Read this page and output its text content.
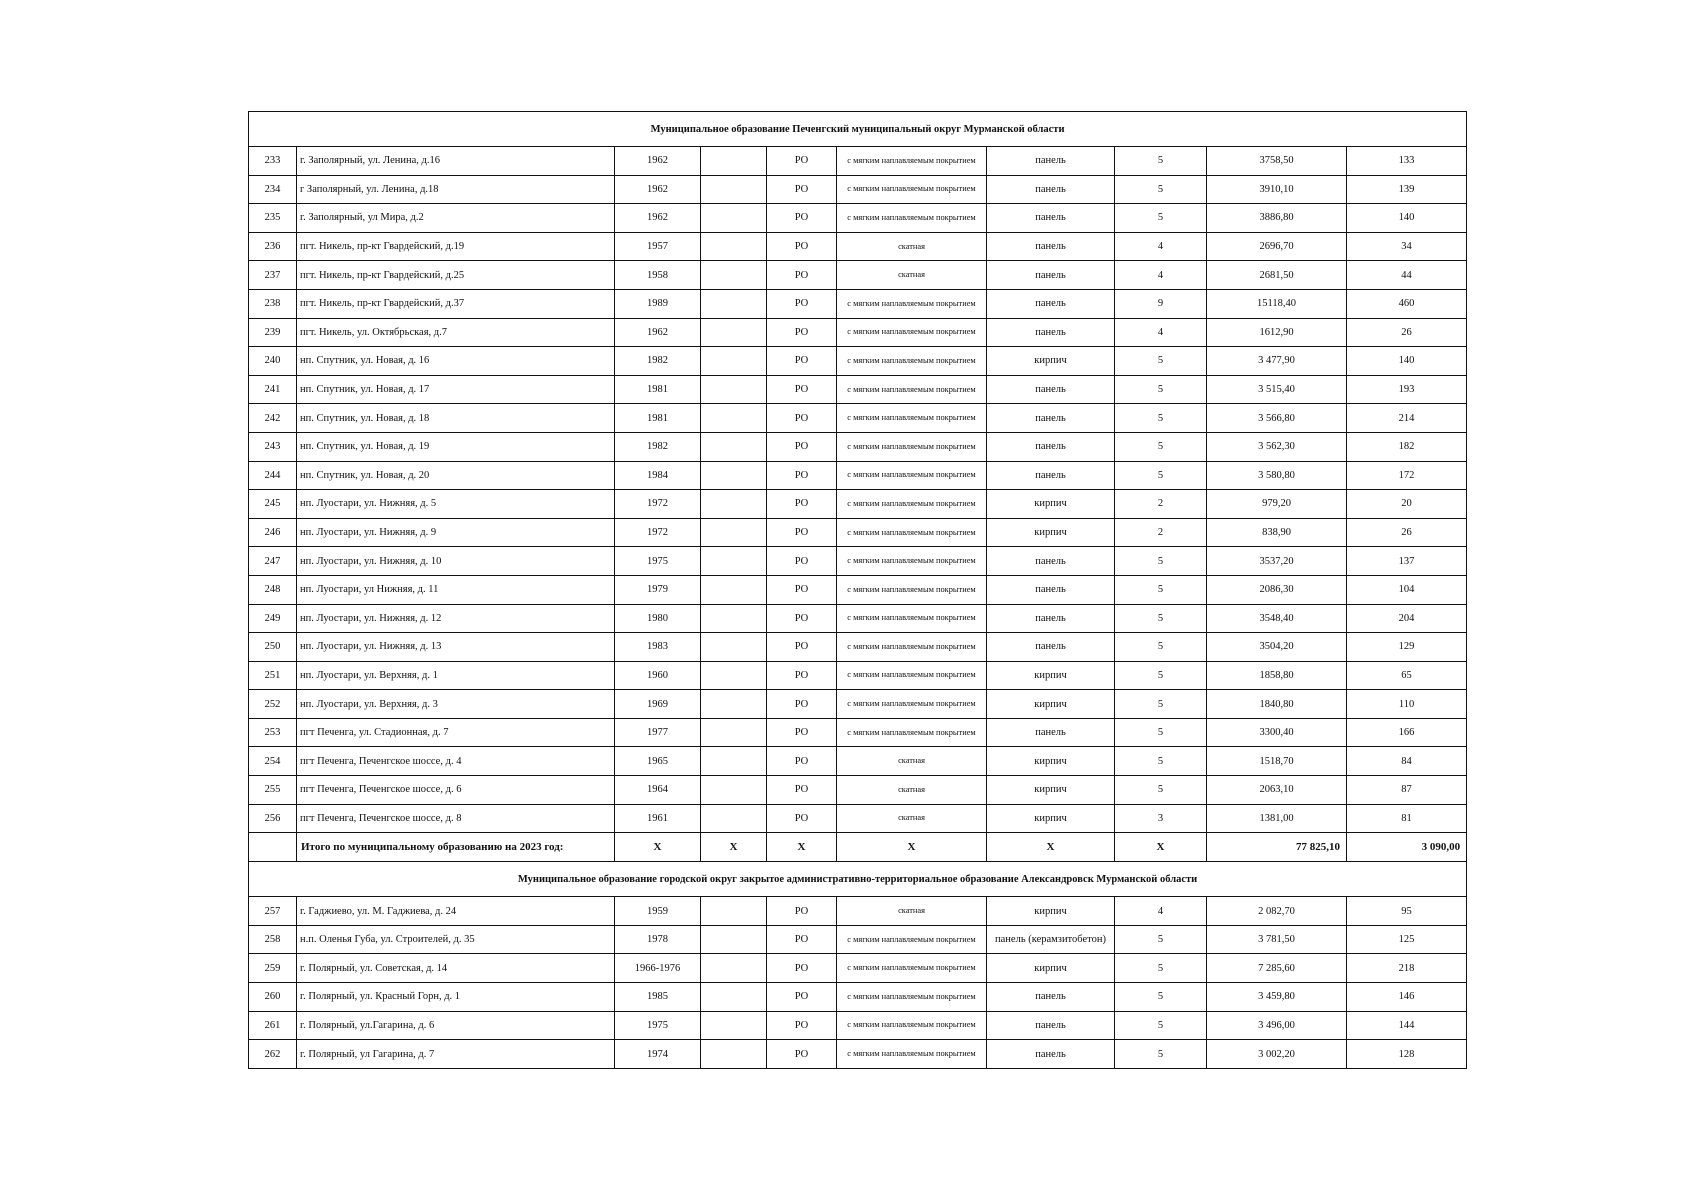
Муниципальное образование Печенгский муниципальный округ Мурманской области									
233	г. Заполярный, ул. Ленина, д.16	1962		РО	с мягким наплавляемым покрытием	панель	5	3758,50	133
234	г Заполярный, ул. Ленина, д.18	1962		РО	с мягким наплавляемым покрытием	панель	5	3910,10	139
235	г. Заполярный, ул Мира, д.2	1962		РО	с мягким наплавляемым покрытием	панель	5	3886,80	140
236	пгт. Никель, пр-кт Гвардейский, д.19	1957		РО	скатная	панель	4	2696,70	34
237	пгт. Никель, пр-кт Гвардейский, д.25	1958		РО	скатная	панель	4	2681,50	44
238	пгт. Никель, пр-кт Гвардейский, д.37	1989		РО	с мягким наплавляемым покрытием	панель	9	15118,40	460
239	пгт. Никель, ул. Октябрьская, д.7	1962		РО	с мягким наплавляемым покрытием	панель	4	1612,90	26
240	нп. Спутник, ул. Новая, д. 16	1982		РО	с мягким наплавляемым покрытием	кирпич	5	3 477,90	140
241	нп. Спутник, ул. Новая, д. 17	1981		РО	с мягким наплавляемым покрытием	панель	5	3 515,40	193
242	нп. Спутник, ул. Новая, д. 18	1981		РО	с мягким наплавляемым покрытием	панель	5	3 566,80	214
243	нп. Спутник, ул. Новая, д. 19	1982		РО	с мягким наплавляемым покрытием	панель	5	3 562,30	182
244	нп. Спутник, ул. Новая, д. 20	1984		РО	с мягким наплавляемым покрытием	панель	5	3 580,80	172
245	нп. Луостари, ул. Нижняя, д. 5	1972		РО	с мягким наплавляемым покрытием	кирпич	2	979,20	20
246	нп. Луостари, ул. Нижняя, д. 9	1972		РО	с мягким наплавляемым покрытием	кирпич	2	838,90	26
247	нп. Луостари, ул. Нижняя, д. 10	1975		РО	с мягким наплавляемым покрытием	панель	5	3537,20	137
248	нп. Луостари, ул Нижняя, д. 11	1979		РО	с мягким наплавляемым покрытием	панель	5	2086,30	104
249	нп. Луостари, ул. Нижняя, д. 12	1980		РО	с мягким наплавляемым покрытием	панель	5	3548,40	204
250	нп. Луостари, ул. Нижняя, д. 13	1983		РО	с мягким наплавляемым покрытием	панель	5	3504,20	129
251	нп. Луостари, ул. Верхняя, д. 1	1960		РО	с мягким наплавляемым покрытием	кирпич	5	1858,80	65
252	нп. Луостари, ул. Верхняя, д. 3	1969		РО	с мягким наплавляемым покрытием	кирпич	5	1840,80	110
253	пгт Печенга, ул. Стадионная, д. 7	1977		РО	с мягким наплавляемым покрытием	панель	5	3300,40	166
254	пгт Печенга, Печенгское шоссе, д. 4	1965		РО	скатная	кирпич	5	1518,70	84
255	пгт Печенга, Печенгское шоссе, д. 6	1964		РО	скатная	кирпич	5	2063,10	87
256	пгт Печенга, Печенгское шоссе, д. 8	1961		РО	скатная	кирпич	3	1381,00	81
	Итого по муниципальному образованию на 2023 год:	X	X	X	X	X	X	77 825,10	3 090,00
Муниципальное образование городской округ закрытое административно-территориальное образование Александровск Мурманской области									
257	г. Гаджиево, ул. М. Гаджиева, д. 24	1959		РО	скатная	кирпич	4	2 082,70	95
258	н.п. Оленья Губа, ул. Строителей, д. 35	1978		РО	с мягким наплавляемым покрытием	панель (керамзитобетон)	5	3 781,50	125
259	г. Полярный, ул. Советская, д. 14	1966-1976		РО	с мягким наплавляемым покрытием	кирпич	5	7 285,60	218
260	г. Полярный, ул. Красный Горн, д. 1	1985		РО	с мягким наплавляемым покрытием	панель	5	3 459,80	146
261	г. Полярный, ул.Гагарина, д. 6	1975		РО	с мягким наплавляемым покрытием	панель	5	3 496,00	144
262	г. Полярный, ул Гагарина, д. 7	1974		РО	с мягким наплавляемым покрытием	панель	5	3 002,20	128
